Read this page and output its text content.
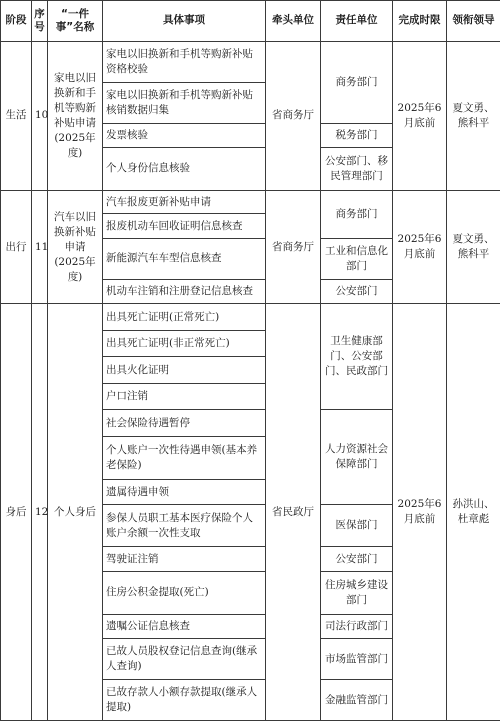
阶段	序号	“一件事”名称	具体事项	牵头单位	责任单位	完成时限	领衔领导
生活	10	家电以旧换新和手机等购新补贴申请(2025年度)	家电以旧换新和手机等购新补贴资格校验	省商务厅	商务部门	2025年6月底前	夏文勇、熊科平
			家电以旧换新和手机等购新补贴核销数据归集				
			发票核验		税务部门		
			个人身份信息核验		公安部门、移民管理部门		
出行	11	汽车以旧换新补贴申请(2025年度)	汽车报废更新补贴申请	省商务厅	商务部门	2025年6月底前	夏文勇、熊科平
			报废机动车回收证明信息核查				
			新能源汽车车型信息核查		工业和信息化部门		
			机动车注销和注册登记信息核查		公安部门		
身后	12	个人身后	出具死亡证明(正常死亡)	省民政厅	卫生健康部门、公安部门、民政部门	2025年6月底前	孙洪山、杜章彪
			出具死亡证明(非正常死亡)				
			出具火化证明				
			户口注销				
			社会保险待遇暂停		人力资源社会保障部门		
			个人账户一次性待遇申领(基本养老保险)				
			遗属待遇申领				
			参保人员职工基本医疗保险个人账户余额一次性支取		医保部门		
			驾驶证注销		公安部门		
			住房公积金提取(死亡)		住房城乡建设部门		
			遗嘱公证信息核查		司法行政部门		
			已故人员股权登记信息查询(继承人查询)		市场监管部门		
			已故存款人小额存款提取(继承人提取)		金融监管部门		
